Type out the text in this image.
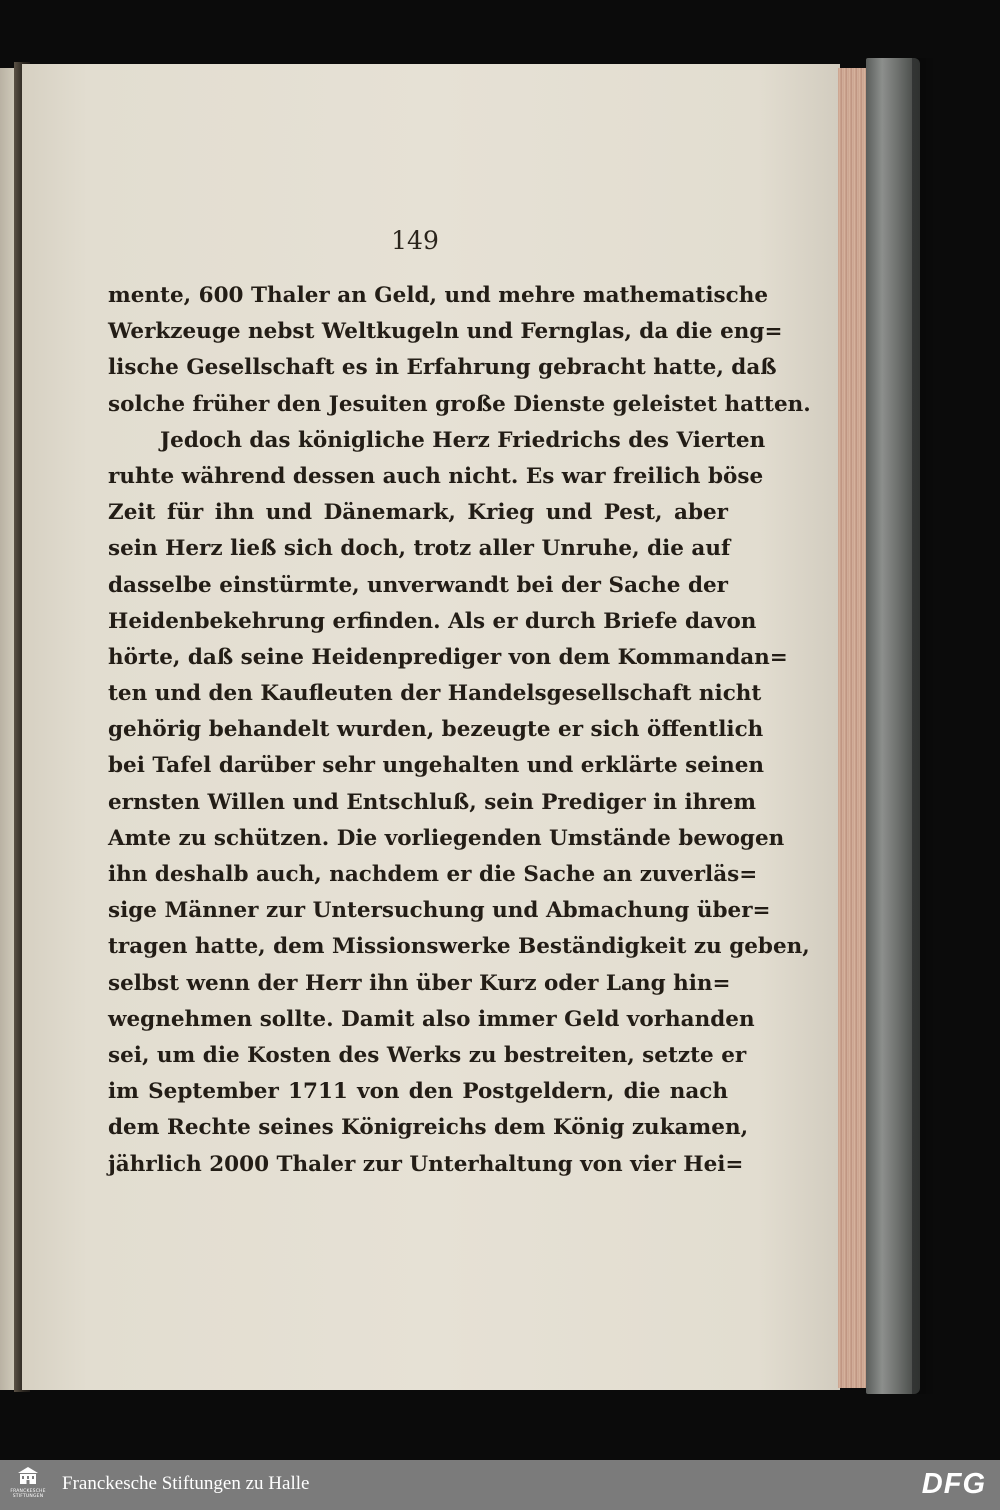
149
mente, 600 Thaler an Geld, und mehre mathematische
Werkzeuge nebst Weltkugeln und Fernglas, da die eng=
lische Gesellschaft es in Erfahrung gebracht hatte, daß
solche früher den Jesuiten große Dienste geleistet hatten.
Jedoch das königliche Herz Friedrichs des Vierten
ruhte während dessen auch nicht. Es war freilich böse
Zeit für ihn und Dänemark, Krieg und Pest, aber
sein Herz ließ sich doch, trotz aller Unruhe, die auf
dasselbe einstürmte, unverwandt bei der Sache der
Heidenbekehrung erfinden. Als er durch Briefe davon
hörte, daß seine Heidenprediger von dem Kommandan=
ten und den Kaufleuten der Handelsgesellschaft nicht
gehörig behandelt wurden, bezeugte er sich öffentlich
bei Tafel darüber sehr ungehalten und erklärte seinen
ernsten Willen und Entschluß, sein Prediger in ihrem
Amte zu schützen. Die vorliegenden Umstände bewogen
ihn deshalb auch, nachdem er die Sache an zuverläs=
sige Männer zur Untersuchung und Abmachung über=
tragen hatte, dem Missionswerke Beständigkeit zu geben,
selbst wenn der Herr ihn über Kurz oder Lang hin=
wegnehmen sollte. Damit also immer Geld vorhanden
sei, um die Kosten des Werks zu bestreiten, setzte er
im September 1711 von den Postgeldern, die nach
dem Rechte seines Königreichs dem König zukamen,
jährlich 2000 Thaler zur Unterhaltung von vier Hei=
FRANCKESCHE
STIFTUNGEN
Franckesche Stiftungen zu Halle	DFG
